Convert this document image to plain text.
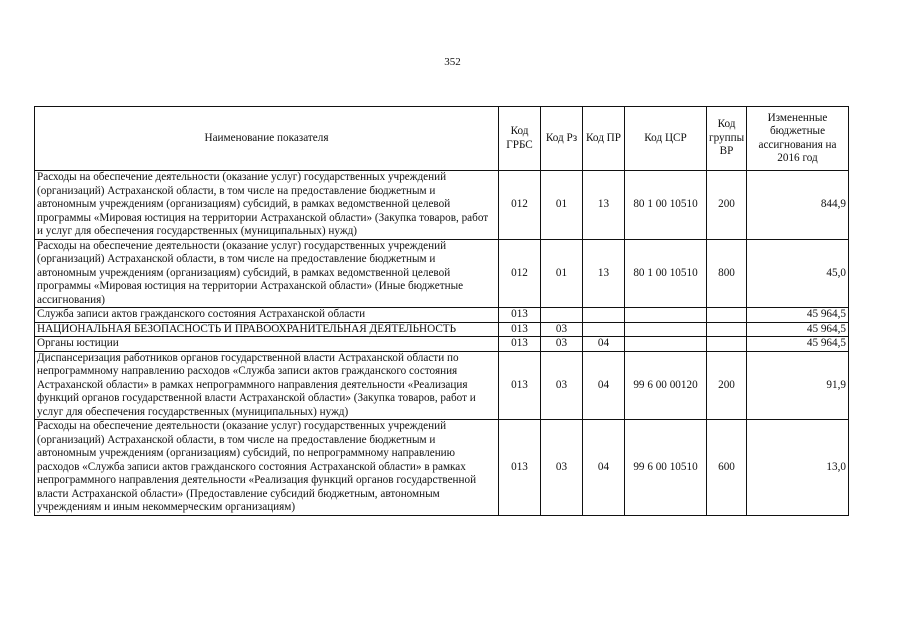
352
Наименование показателя	Код ГРБС	Код Рз	Код ПР	Код ЦСР	Код группы ВР	Измененные бюджетные ассигнования на 2016 год
Расходы на обеспечение деятельности (оказание услуг) государственных учреждений (организаций) Астраханской области, в том числе на предоставление бюджетным и автономным учреждениям (организациям) субсидий, в рамках ведомственной целевой программы «Мировая юстиция на территории Астраханской области» (Закупка товаров, работ и услуг для обеспечения государственных (муниципальных) нужд)	012	01	13	80 1 00 10510	200	844,9
Расходы на обеспечение деятельности (оказание услуг) государственных учреждений (организаций) Астраханской области, в том числе на предоставление бюджетным и автономным учреждениям (организациям) субсидий, в рамках ведомственной целевой программы «Мировая юстиция на территории Астраханской области» (Иные бюджетные ассигнования)	012	01	13	80 1 00 10510	800	45,0
Служба записи актов гражданского состояния Астраханской области	013					45 964,5
НАЦИОНАЛЬНАЯ БЕЗОПАСНОСТЬ И ПРАВООХРАНИТЕЛЬНАЯ ДЕЯТЕЛЬНОСТЬ	013	03				45 964,5
Органы юстиции	013	03	04			45 964,5
Диспансеризация работников органов государственной власти Астраханской области по непрограммному направлению расходов «Служба записи актов гражданского состояния Астраханской области» в рамках непрограммного направления деятельности «Реализация функций органов государственной власти Астраханской области» (Закупка товаров, работ и услуг для обеспечения государственных (муниципальных) нужд)	013	03	04	99 6 00 00120	200	91,9
Расходы на обеспечение деятельности (оказание услуг) государственных учреждений (организаций) Астраханской области, в том числе на предоставление бюджетным и автономным учреждениям (организациям) субсидий, по непрограммному направлению расходов «Служба записи актов гражданского состояния Астраханской области» в рамках непрограммного направления деятельности «Реализация функций органов государственной власти Астраханской области» (Предоставление субсидий бюджетным, автономным учреждениям и иным некоммерческим организациям)	013	03	04	99 6 00 10510	600	13,0
